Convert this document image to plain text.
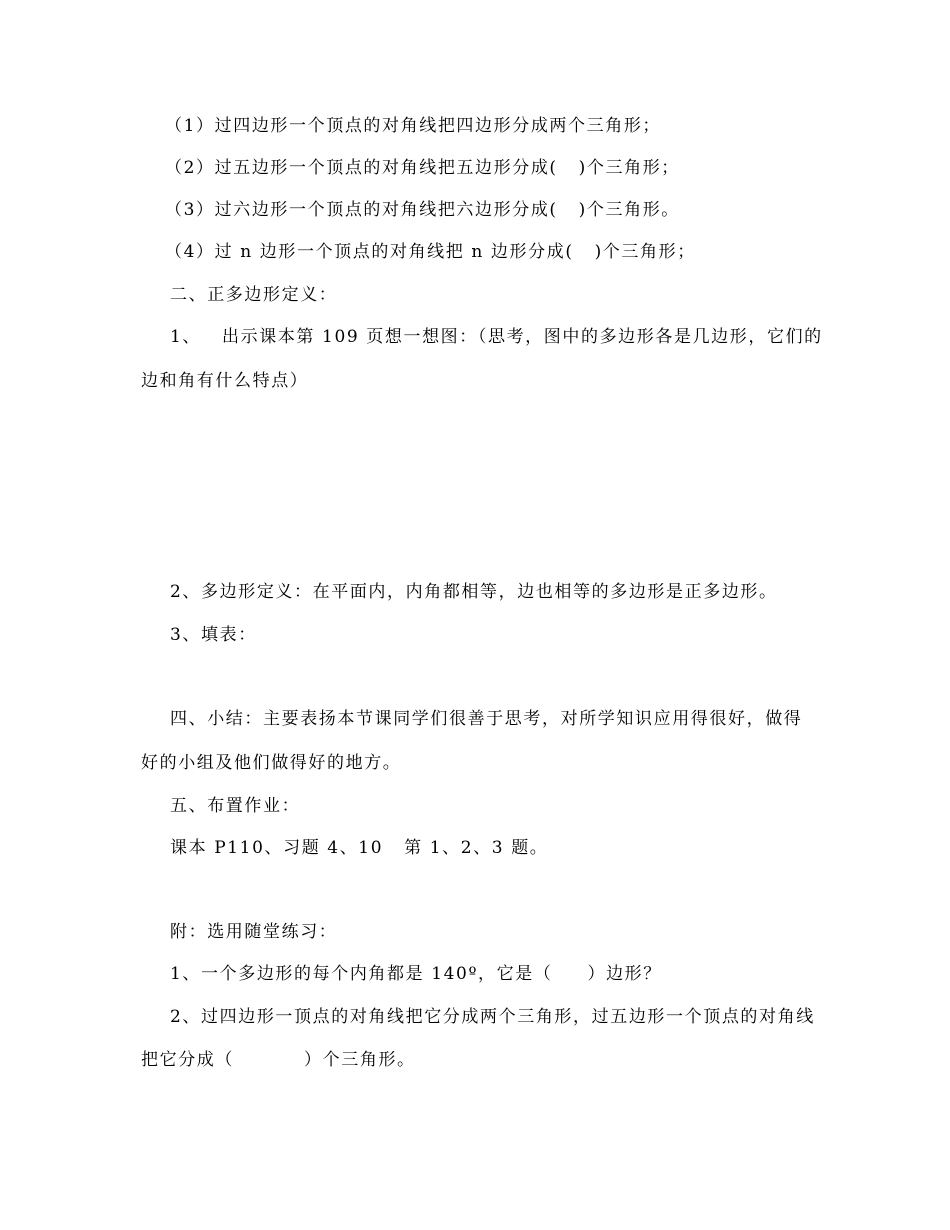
（1）过四边形一个顶点的对角线把四边形分成两个三角形；
（2）过五边形一个顶点的对角线把五边形分成(   )个三角形；
（3）过六边形一个顶点的对角线把六边形分成(   )个三角形。
（4）过 n 边形一个顶点的对角线把 n 边形分成(   )个三角形；
二、正多边形定义：
1、   出示课本第 109 页想一想图：（思考，图中的多边形各是几边形，它们的
边和角有什么特点）
2、多边形定义：在平面内，内角都相等，边也相等的多边形是正多边形。
3、填表：
四、小结：主要表扬本节课同学们很善于思考，对所学知识应用得很好，做得
好的小组及他们做得好的地方。
五、布置作业：
课本 P110、习题 4、10   第 1、2、3 题。
附：选用随堂练习：
1、一个多边形的每个内角都是 140º，它是（     ）边形？
2、过四边形一顶点的对角线把它分成两个三角形，过五边形一个顶点的对角线
把它分成（          ）个三角形。
